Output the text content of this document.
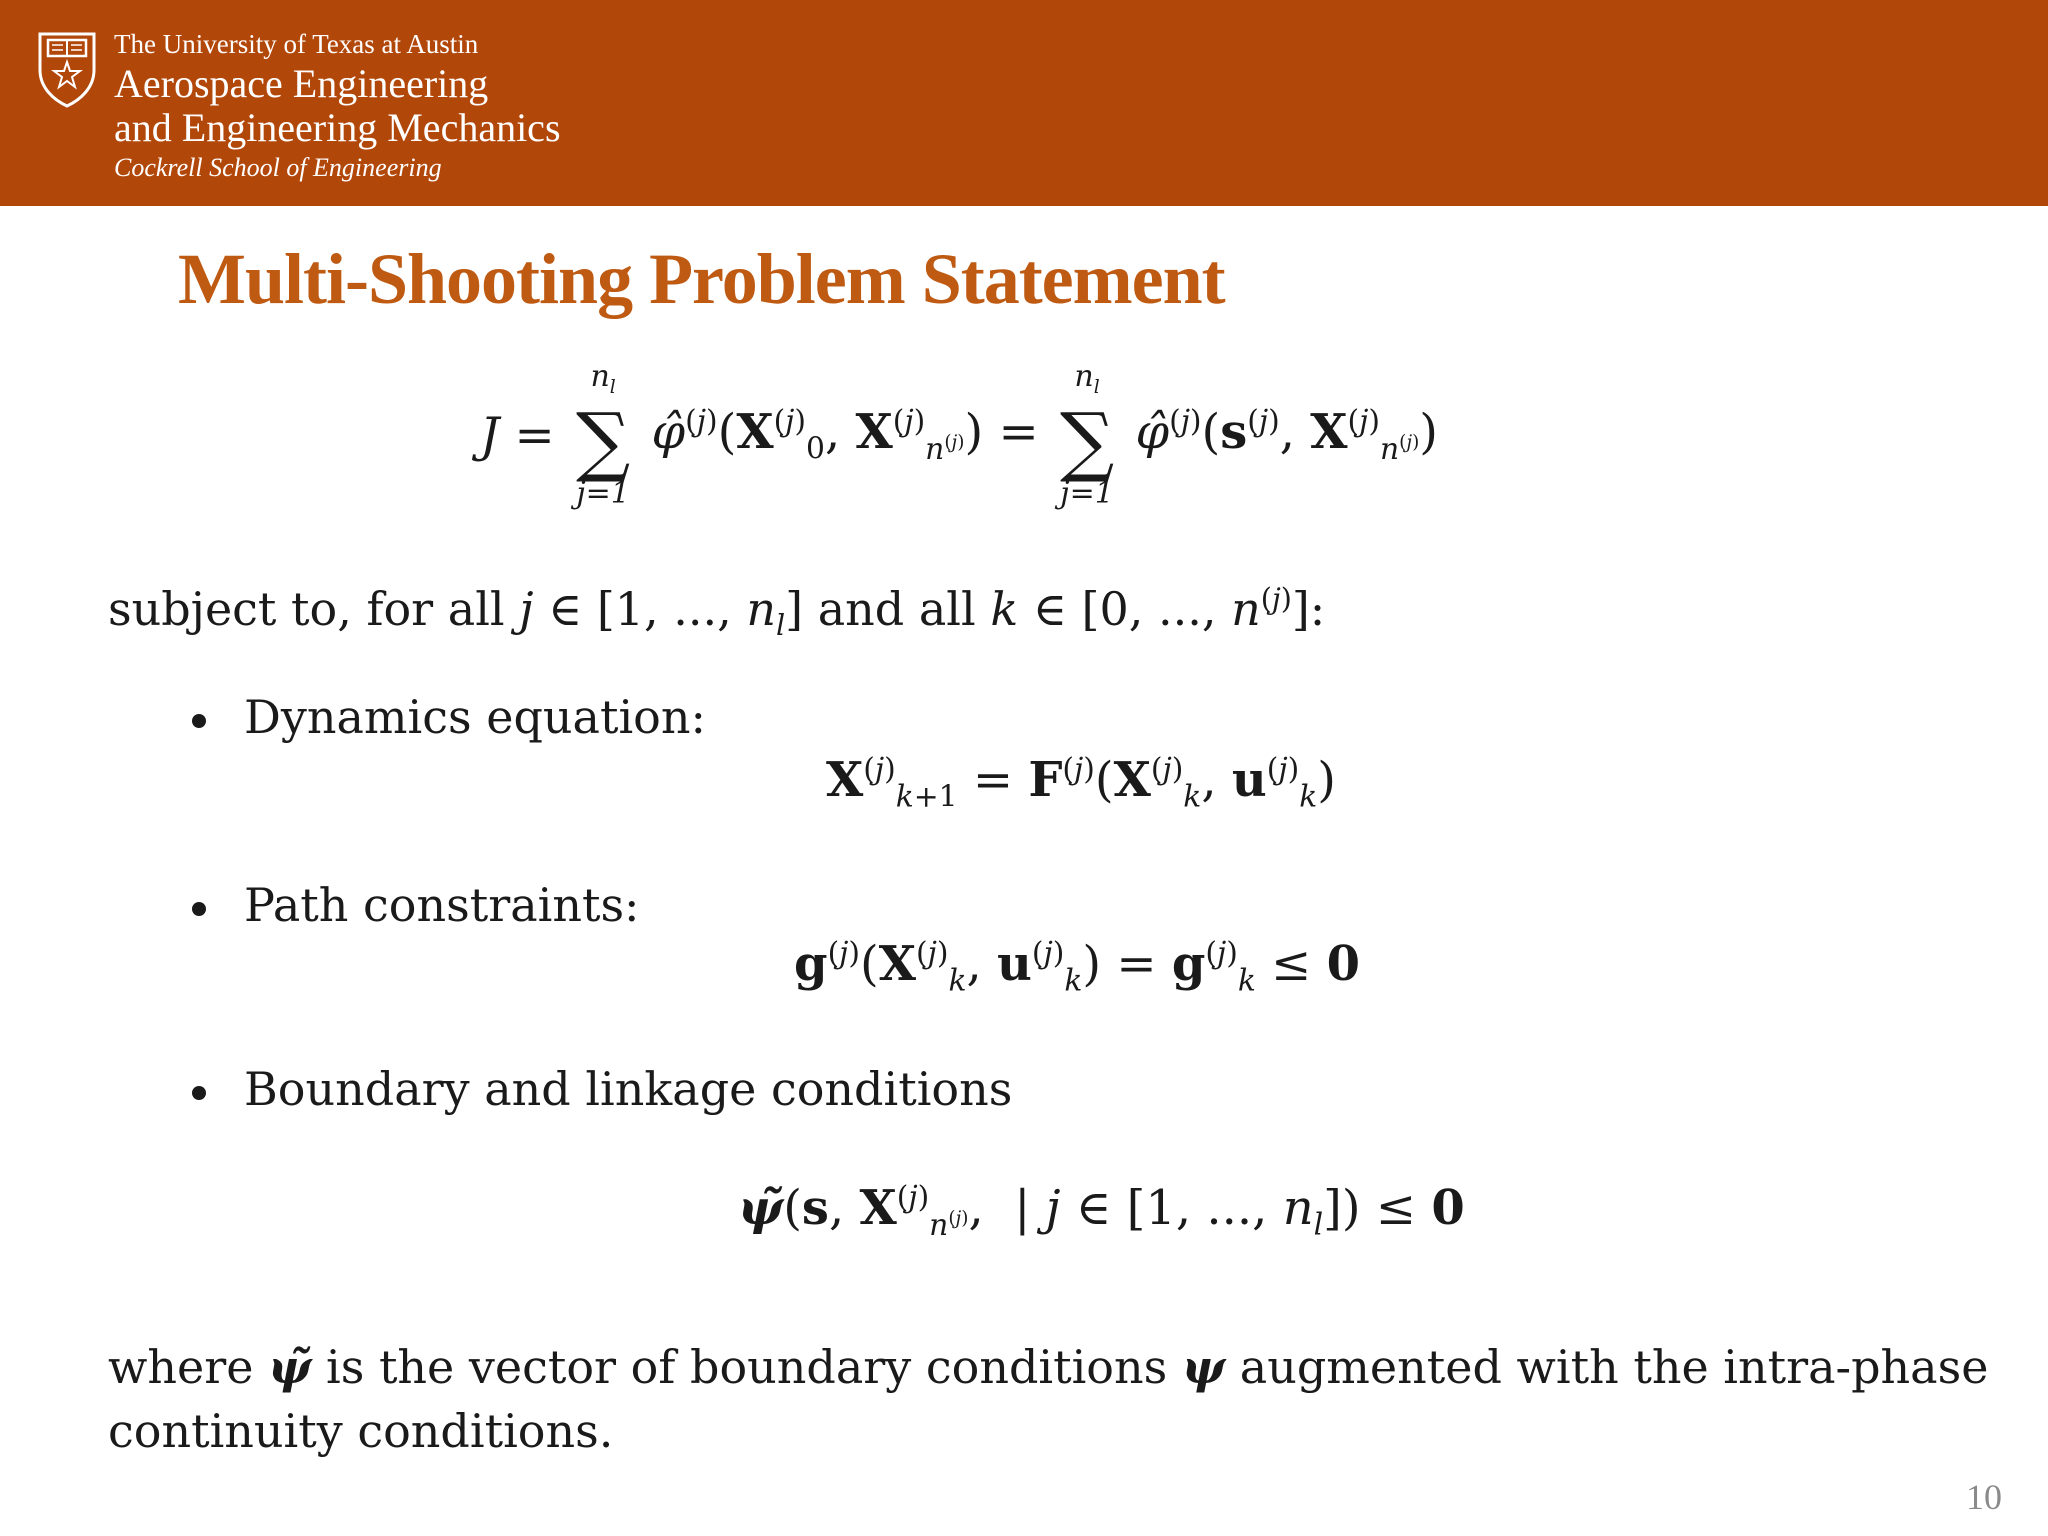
The University of Texas at Austin
Aerospace Engineering
and Engineering Mechanics
Cockrell School of Engineering
Multi-Shooting Problem Statement
J =
$n_l$
∑
j=1
$\varphî^{(j)}(X^{(j)}_0$, $X^{(j)}_{n^{(j)}}$) =
$n_l$
∑
j=1
$\varphî^{(j)}(s^{(j)}$, $X^{(j)}_{n^{(j)}}$)
subject to, for all j ∈ [1, ..., $n_l$] and all k ∈ [0, ..., $n^{(j)}$]:
Dynamics equation:
$X^{(j)}_{k+1} = F^{(j)}(X^{(j)}_k$, $u^{(j)}_k$)
Path constraints:
$g^{(j)}(X^{(j)}_k$, $u^{(j)}_k) = g^{(j)}_k \le 0$
Boundary and linkage conditions
ψ̃(s, $X^{(j)}_{n^{(j)}}$,  | j ∈ [1, ..., $n_l]) \le 0$
where ψ̃ is the vector of boundary conditions ψ augmented with the intra-phase
continuity conditions.
10
